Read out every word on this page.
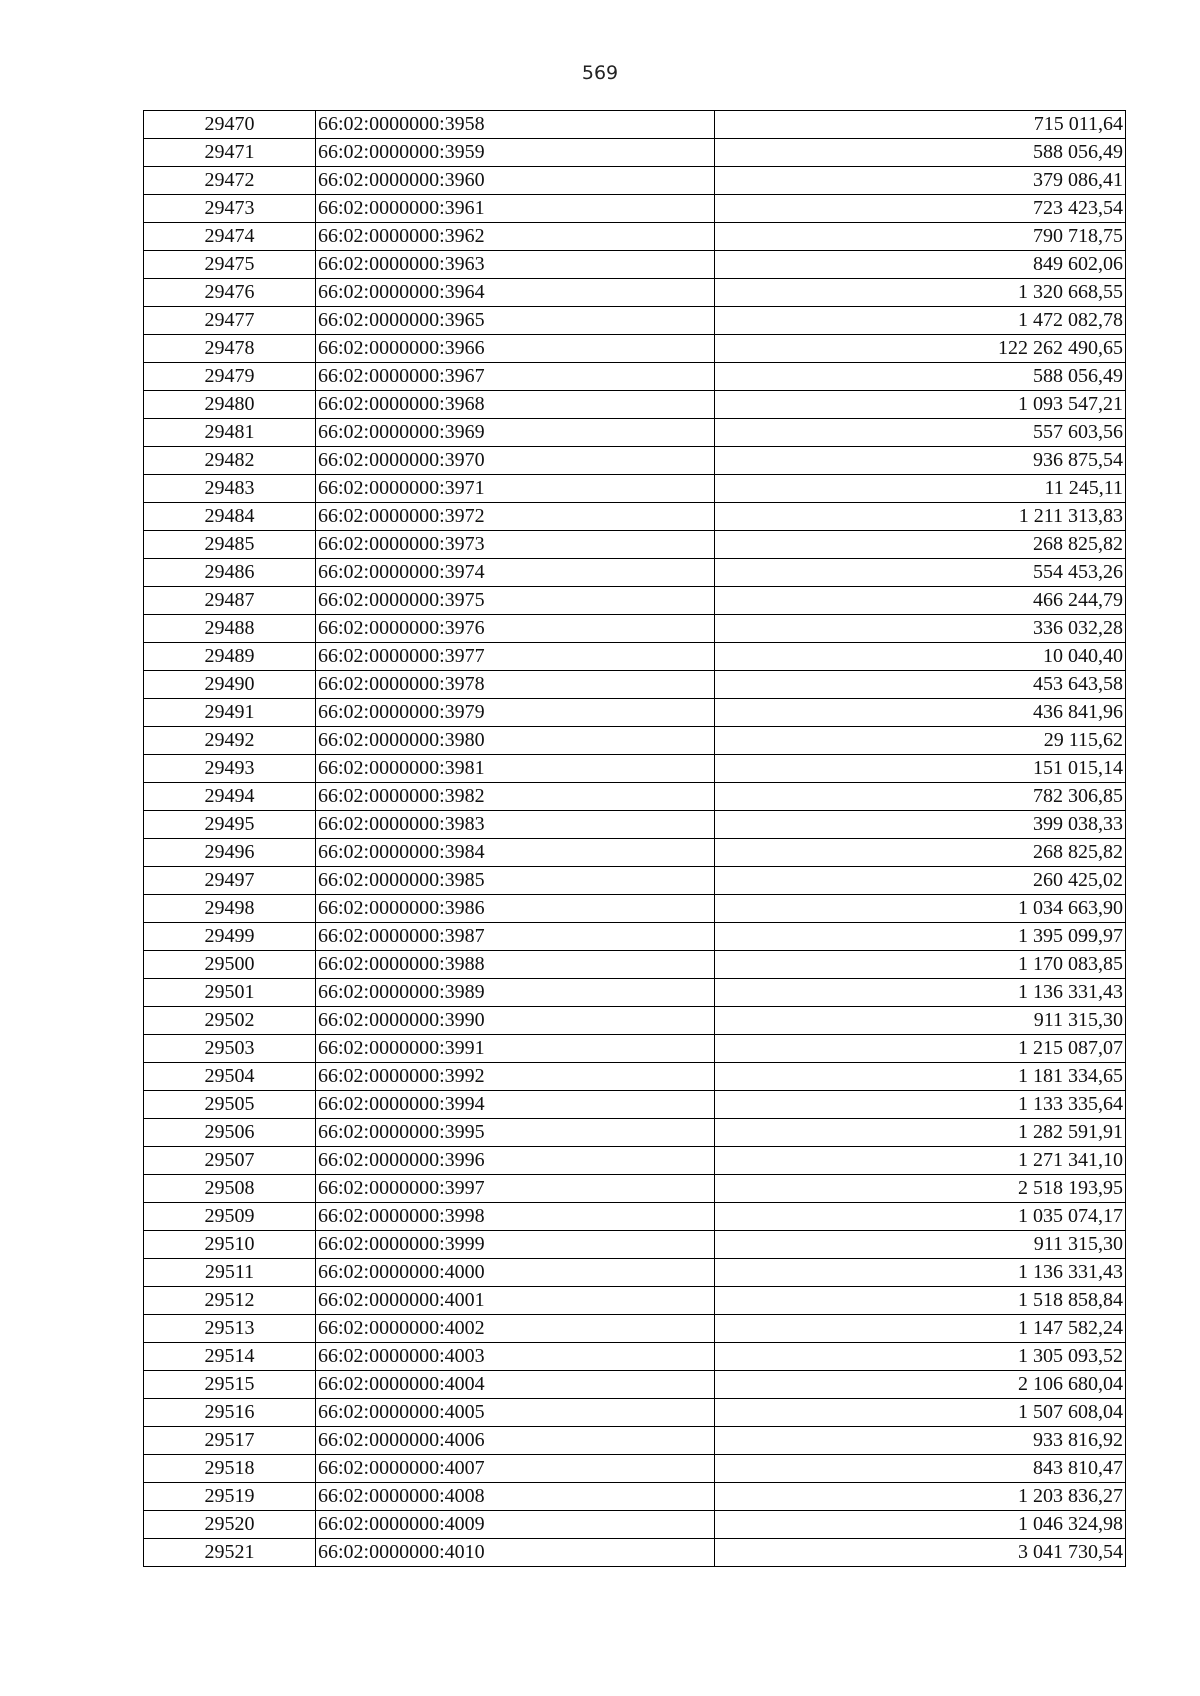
569
29470	66:02:0000000:3958	715 011,64
29471	66:02:0000000:3959	588 056,49
29472	66:02:0000000:3960	379 086,41
29473	66:02:0000000:3961	723 423,54
29474	66:02:0000000:3962	790 718,75
29475	66:02:0000000:3963	849 602,06
29476	66:02:0000000:3964	1 320 668,55
29477	66:02:0000000:3965	1 472 082,78
29478	66:02:0000000:3966	122 262 490,65
29479	66:02:0000000:3967	588 056,49
29480	66:02:0000000:3968	1 093 547,21
29481	66:02:0000000:3969	557 603,56
29482	66:02:0000000:3970	936 875,54
29483	66:02:0000000:3971	11 245,11
29484	66:02:0000000:3972	1 211 313,83
29485	66:02:0000000:3973	268 825,82
29486	66:02:0000000:3974	554 453,26
29487	66:02:0000000:3975	466 244,79
29488	66:02:0000000:3976	336 032,28
29489	66:02:0000000:3977	10 040,40
29490	66:02:0000000:3978	453 643,58
29491	66:02:0000000:3979	436 841,96
29492	66:02:0000000:3980	29 115,62
29493	66:02:0000000:3981	151 015,14
29494	66:02:0000000:3982	782 306,85
29495	66:02:0000000:3983	399 038,33
29496	66:02:0000000:3984	268 825,82
29497	66:02:0000000:3985	260 425,02
29498	66:02:0000000:3986	1 034 663,90
29499	66:02:0000000:3987	1 395 099,97
29500	66:02:0000000:3988	1 170 083,85
29501	66:02:0000000:3989	1 136 331,43
29502	66:02:0000000:3990	911 315,30
29503	66:02:0000000:3991	1 215 087,07
29504	66:02:0000000:3992	1 181 334,65
29505	66:02:0000000:3994	1 133 335,64
29506	66:02:0000000:3995	1 282 591,91
29507	66:02:0000000:3996	1 271 341,10
29508	66:02:0000000:3997	2 518 193,95
29509	66:02:0000000:3998	1 035 074,17
29510	66:02:0000000:3999	911 315,30
29511	66:02:0000000:4000	1 136 331,43
29512	66:02:0000000:4001	1 518 858,84
29513	66:02:0000000:4002	1 147 582,24
29514	66:02:0000000:4003	1 305 093,52
29515	66:02:0000000:4004	2 106 680,04
29516	66:02:0000000:4005	1 507 608,04
29517	66:02:0000000:4006	933 816,92
29518	66:02:0000000:4007	843 810,47
29519	66:02:0000000:4008	1 203 836,27
29520	66:02:0000000:4009	1 046 324,98
29521	66:02:0000000:4010	3 041 730,54
